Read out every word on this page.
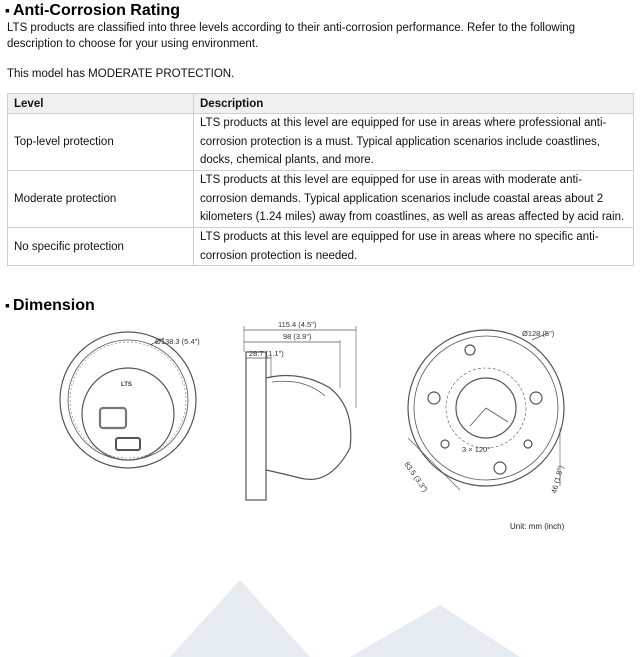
▪ Anti-Corrosion Rating
LTS products are classified into three levels according to their anti-corrosion performance. Refer to the following description to choose for your using environment.
This model has MODERATE PROTECTION.
Level	Description
Top-level protection	LTS products at this level are equipped for use in areas where professional anti-corrosion protection is a must. Typical application scenarios include coastlines, docks, chemical plants, and more.
Moderate protection	LTS products at this level are equipped for use in areas with moderate anti-corrosion demands. Typical application scenarios include coastal areas about 2 kilometers (1.24 miles) away from coastlines, as well as areas affected by acid rain.
No specific protection	LTS products at this level are equipped for use in areas where no specific anti-corrosion protection is needed.
▪ Dimension
LTS
Ø138.3 (5.4")
115.4 (4.5")
98 (3.9")
28.7 (1.1")
Ø128 (5")
3 × 120°
83.5 (3.3")	46 (1.8")
Unit: mm (inch)
